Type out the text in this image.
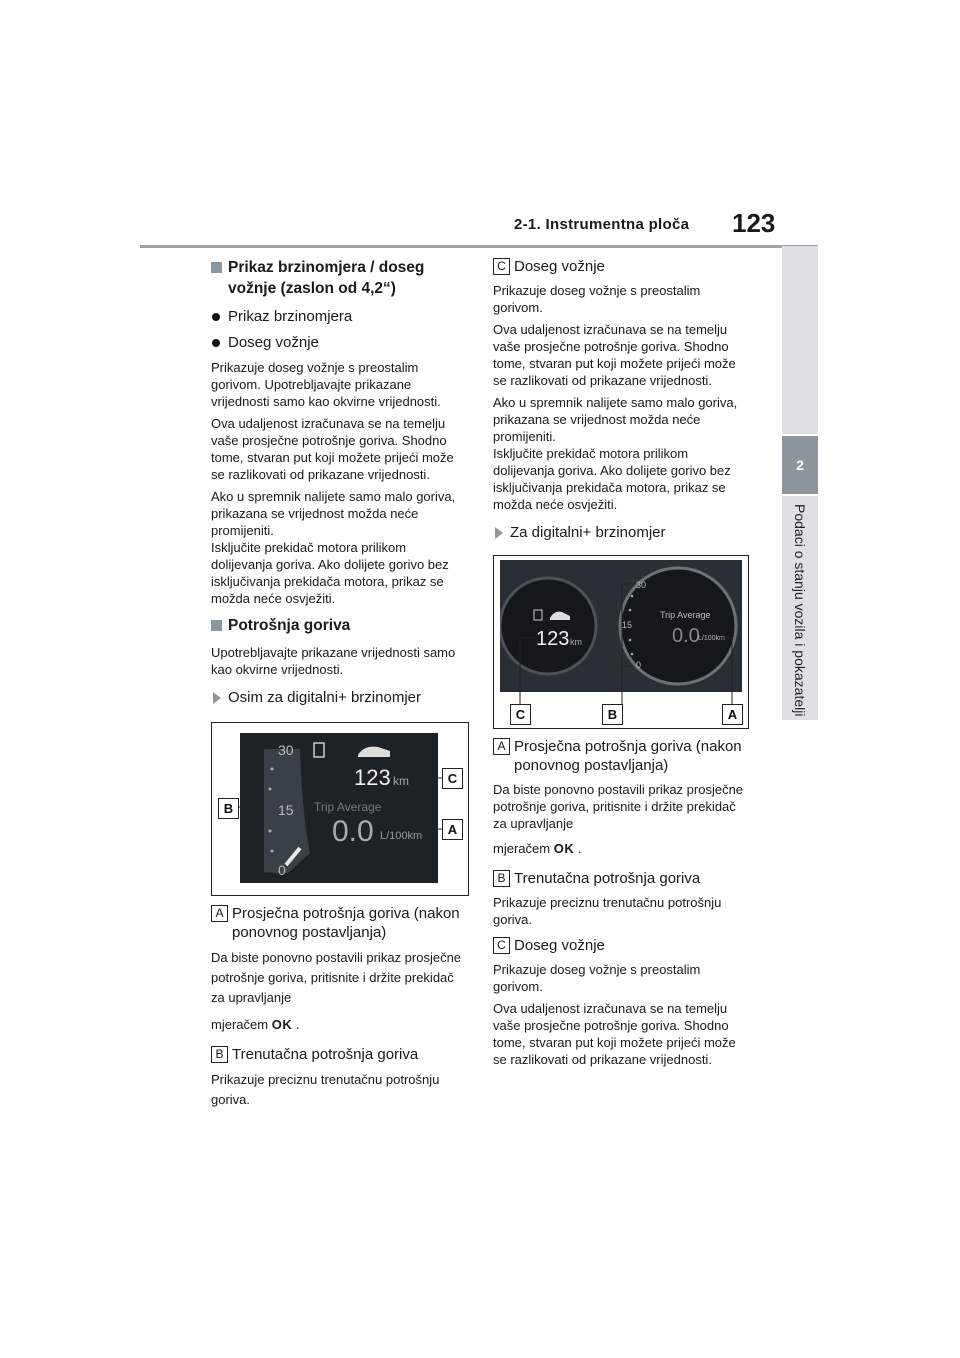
2-1. Instrumentna ploča 123
2
Podaci o stanju vozila i pokazatelji
Prikaz brzinomjera / doseg vožnje (zaslon od 4,2“)
Prikaz brzinomjera
Doseg vožnje
Prikazuje doseg vožnje s preostalim gorivom. Upotrebljavajte prikazane vrijednosti samo kao okvirne vrijednosti.
Ova udaljenost izračunava se na temelju vaše prosječne potrošnje goriva. Shodno tome, stvaran put koji možete prijeći može se razlikovati od prikazane vrijednosti.
Ako u spremnik nalijete samo malo goriva, prikazana se vrijednost možda neće promijeniti.
Isključite prekidač motora prilikom dolijevanja goriva. Ako dolijete gorivo bez isključivanja prekidača motora, prikaz se možda neće osvježiti.
Potrošnja goriva
Upotrebljavajte prikazane vrijednosti samo kao okvirne vrijednosti.
Osim za digitalni+ brzinomjer
30
15
0
123 km
Trip Average
0.0 L/100km
B
C
A
A Prosječna potrošnja goriva (nakon ponovnog postavljanja)
Da biste ponovno postavili prikaz prosječne potrošnje goriva, pritisnite i držite prekidač za upravljanje
mjeračem OK .
B Trenutačna potrošnja goriva
Prikazuje preciznu trenutačnu potrošnju goriva.
C Doseg vožnje
Prikazuje doseg vožnje s preostalim gorivom.
Ova udaljenost izračunava se na temelju vaše prosječne potrošnje goriva. Shodno tome, stvaran put koji možete prijeći može se razlikovati od prikazane vrijednosti.
Ako u spremnik nalijete samo malo goriva, prikazana se vrijednost možda neće promijeniti.
Isključite prekidač motora prilikom dolijevanja goriva. Ako dolijete gorivo bez isključivanja prekidača motora, prikaz se možda neće osvježiti.
Za digitalni+ brzinomjer
123 km
30
15
0
Trip Average
0.0
L/100km
C	B	A
A Prosječna potrošnja goriva (nakon ponovnog postavljanja)
Da biste ponovno postavili prikaz prosječne potrošnje goriva, pritisnite i držite prekidač za upravljanje
mjeračem OK .
B Trenutačna potrošnja goriva
Prikazuje preciznu trenutačnu potrošnju goriva.
C Doseg vožnje
Prikazuje doseg vožnje s preostalim gorivom.
Ova udaljenost izračunava se na temelju vaše prosječne potrošnje goriva. Shodno tome, stvaran put koji možete prijeći može se razlikovati od prikazane vrijednosti.
